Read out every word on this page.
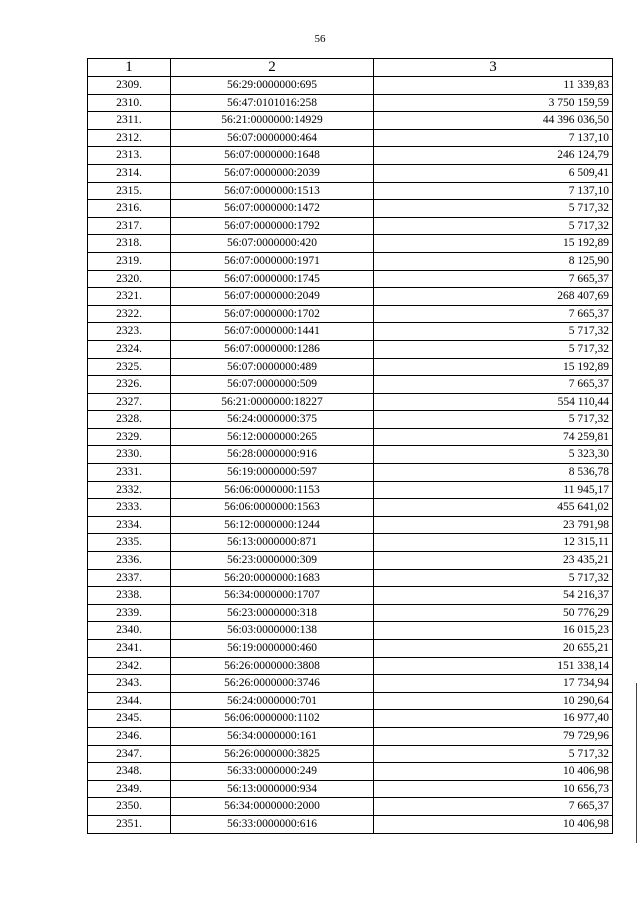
56
1	2	3
2309.	56:29:0000000:695	11 339,83
2310.	56:47:0101016:258	3 750 159,59
2311.	56:21:0000000:14929	44 396 036,50
2312.	56:07:0000000:464	7 137,10
2313.	56:07:0000000:1648	246 124,79
2314.	56:07:0000000:2039	6 509,41
2315.	56:07:0000000:1513	7 137,10
2316.	56:07:0000000:1472	5 717,32
2317.	56:07:0000000:1792	5 717,32
2318.	56:07:0000000:420	15 192,89
2319.	56:07:0000000:1971	8 125,90
2320.	56:07:0000000:1745	7 665,37
2321.	56:07:0000000:2049	268 407,69
2322.	56:07:0000000:1702	7 665,37
2323.	56:07:0000000:1441	5 717,32
2324.	56:07:0000000:1286	5 717,32
2325.	56:07:0000000:489	15 192,89
2326.	56:07:0000000:509	7 665,37
2327.	56:21:0000000:18227	554 110,44
2328.	56:24:0000000:375	5 717,32
2329.	56:12:0000000:265	74 259,81
2330.	56:28:0000000:916	5 323,30
2331.	56:19:0000000:597	8 536,78
2332.	56:06:0000000:1153	11 945,17
2333.	56:06:0000000:1563	455 641,02
2334.	56:12:0000000:1244	23 791,98
2335.	56:13:0000000:871	12 315,11
2336.	56:23:0000000:309	23 435,21
2337.	56:20:0000000:1683	5 717,32
2338.	56:34:0000000:1707	54 216,37
2339.	56:23:0000000:318	50 776,29
2340.	56:03:0000000:138	16 015,23
2341.	56:19:0000000:460	20 655,21
2342.	56:26:0000000:3808	151 338,14
2343.	56:26:0000000:3746	17 734,94
2344.	56:24:0000000:701	10 290,64
2345.	56:06:0000000:1102	16 977,40
2346.	56:34:0000000:161	79 729,96
2347.	56:26:0000000:3825	5 717,32
2348.	56:33:0000000:249	10 406,98
2349.	56:13:0000000:934	10 656,73
2350.	56:34:0000000:2000	7 665,37
2351.	56:33:0000000:616	10 406,98
